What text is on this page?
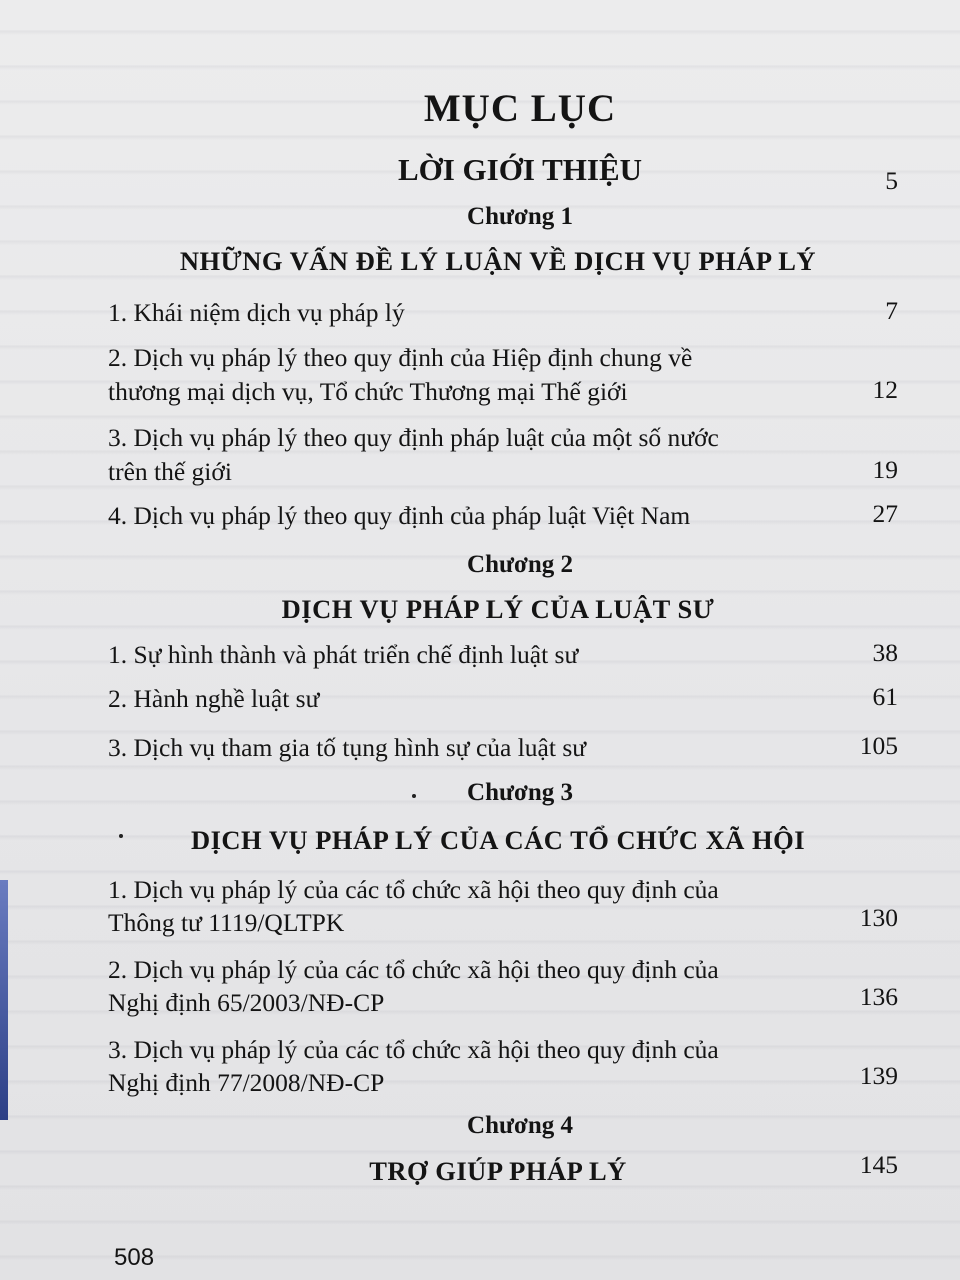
MỤC LỤC
LỜI GIỚI THIỆU	5
Chương 1
NHỮNG VẤN ĐỀ LÝ LUẬN VỀ DỊCH VỤ PHÁP LÝ
1. Khái niệm dịch vụ pháp lý	7
2. Dịch vụ pháp lý theo quy định của Hiệp định chung về
thương mại dịch vụ, Tổ chức Thương mại Thế giới	12
3. Dịch vụ pháp lý theo quy định pháp luật của một số nước
trên thế giới	19
4. Dịch vụ pháp lý theo quy định của pháp luật Việt Nam	27
Chương 2
DỊCH VỤ PHÁP LÝ CỦA LUẬT SƯ
1. Sự hình thành và phát triển chế định luật sư	38
2. Hành nghề luật sư	61
3. Dịch vụ tham gia tố tụng hình sự của luật sư	105
Chương 3
DỊCH VỤ PHÁP LÝ CỦA CÁC TỔ CHỨC XÃ HỘI
1. Dịch vụ pháp lý của các tổ chức xã hội theo quy định của
Thông tư 1119/QLTPK	130
2. Dịch vụ pháp lý của các tổ chức xã hội theo quy định của
Nghị định 65/2003/NĐ-CP	136
3. Dịch vụ pháp lý của các tổ chức xã hội theo quy định của
Nghị định 77/2008/NĐ-CP	139
Chương 4
TRỢ GIÚP PHÁP LÝ	145
508
